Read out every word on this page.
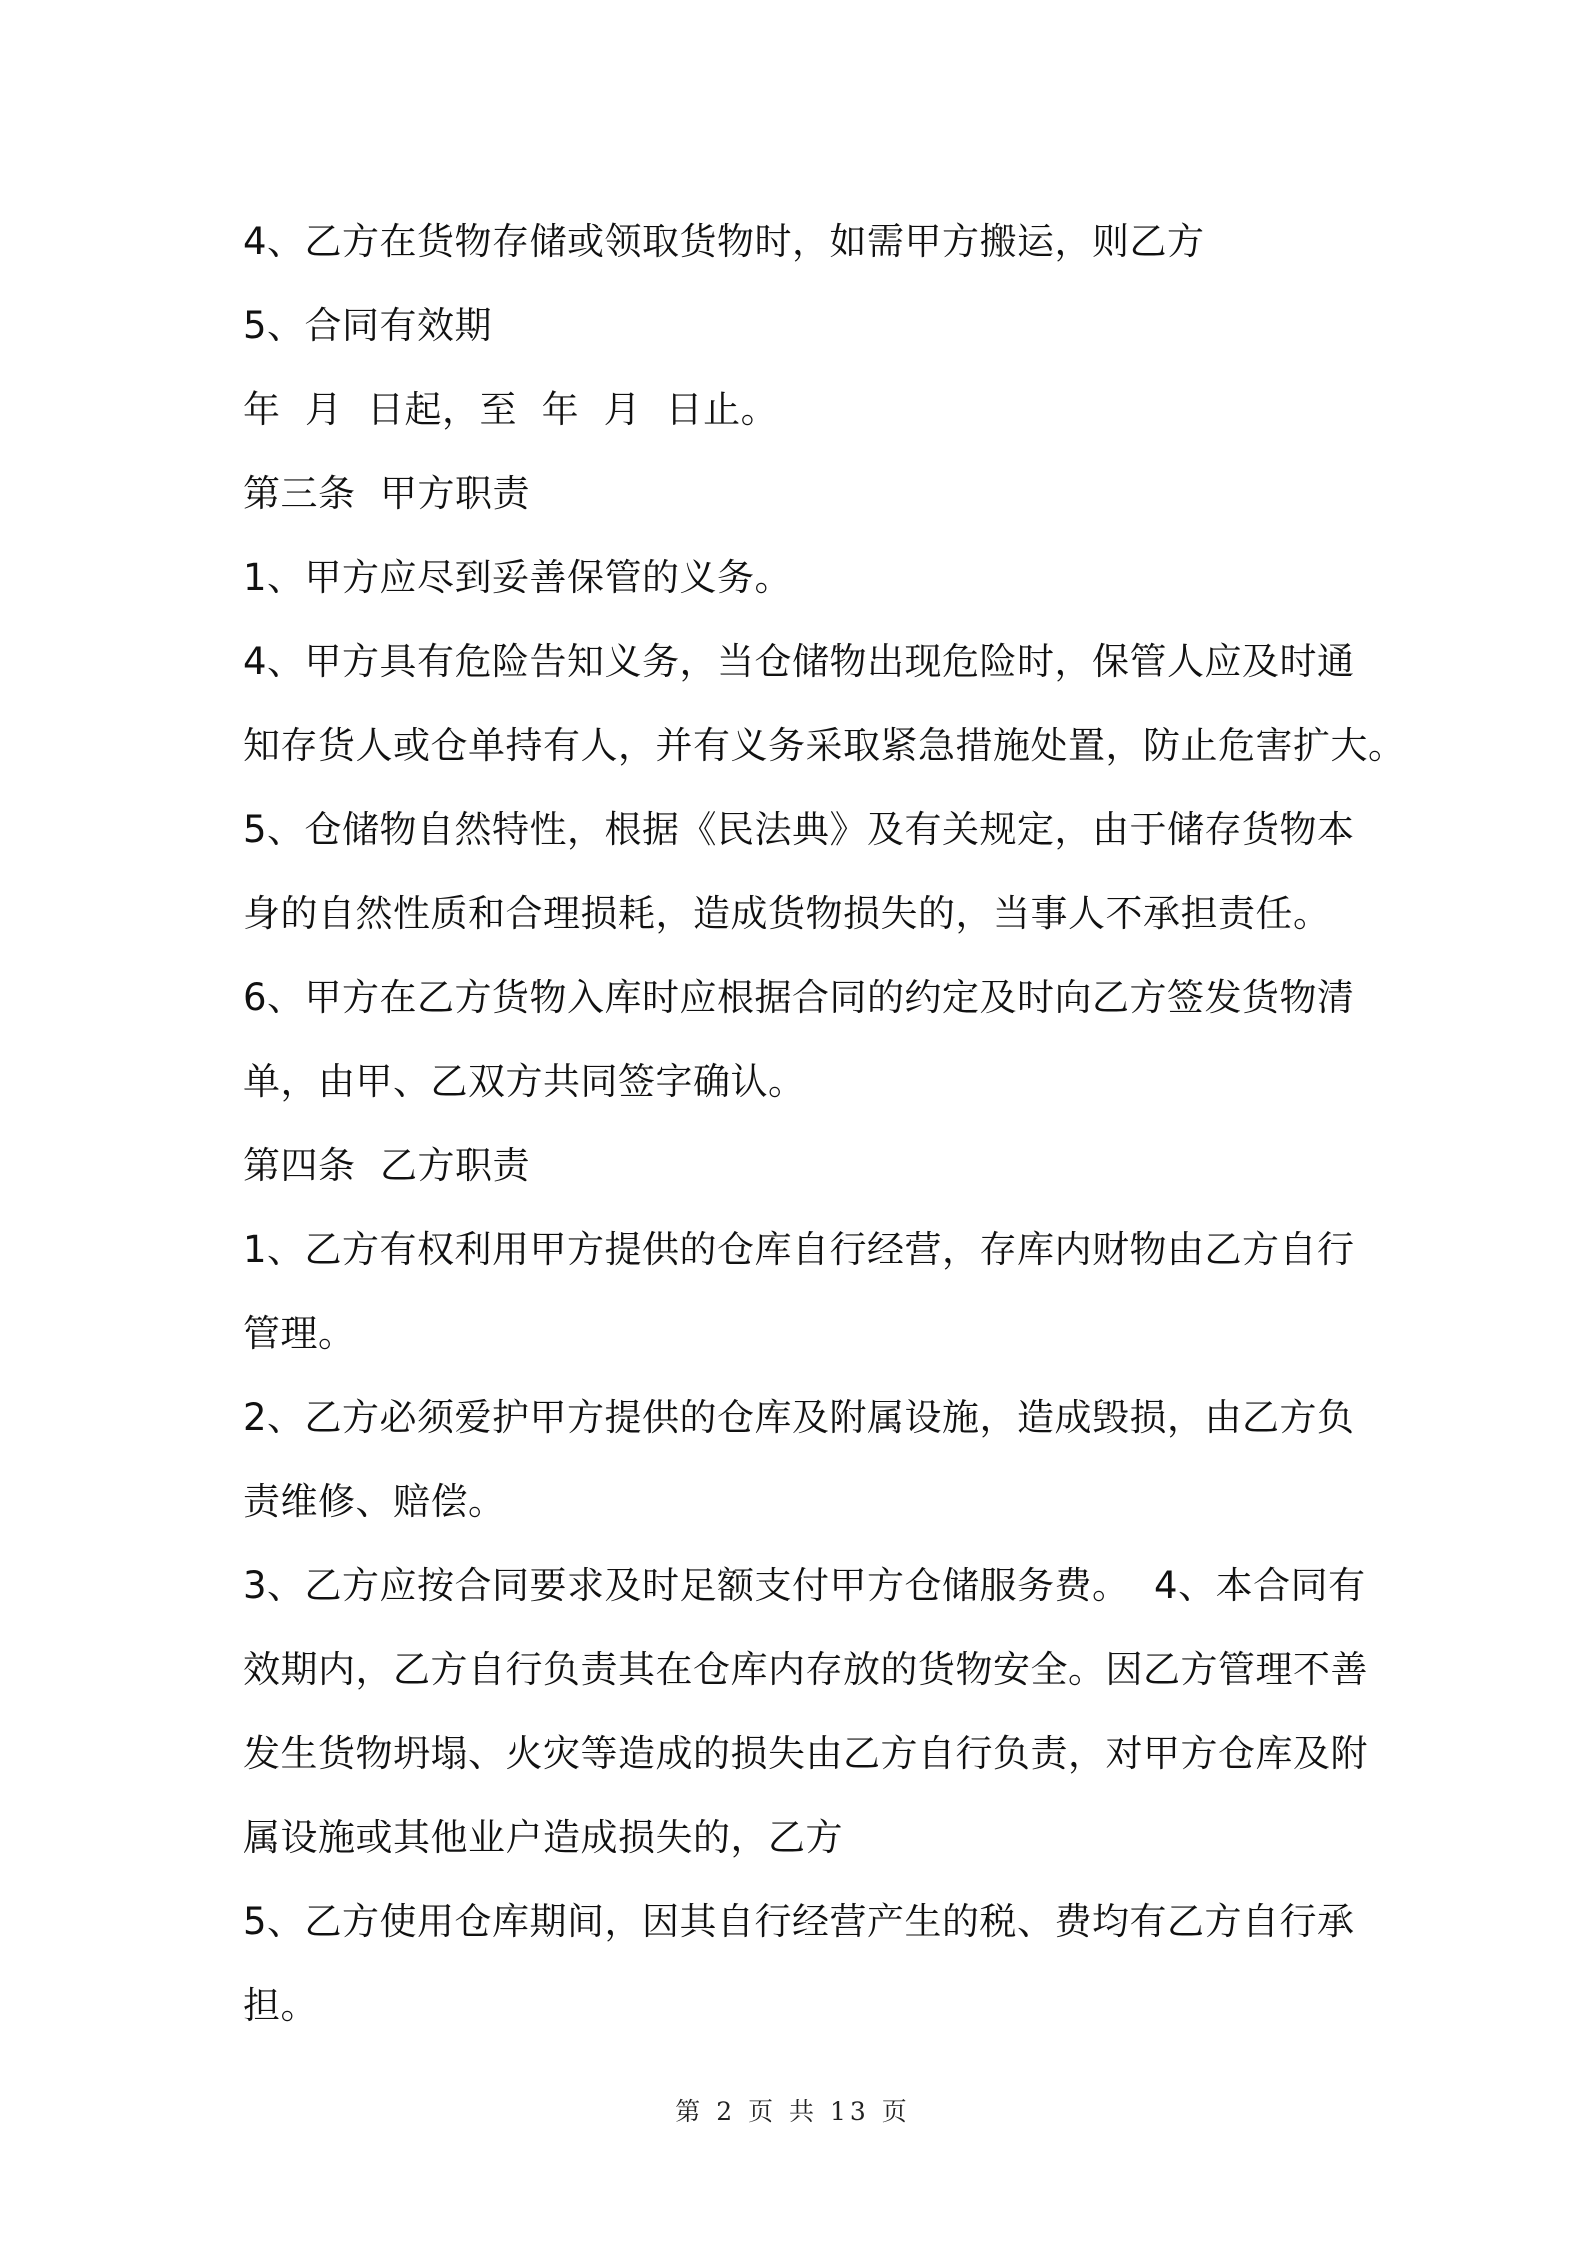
4、乙方在货物存储或领取货物时，如需甲方搬运，则乙方
5、合同有效期
年  月  日起，至  年  月  日止。
第三条  甲方职责
1、甲方应尽到妥善保管的义务。
4、甲方具有危险告知义务，当仓储物出现危险时，保管人应及时通
知存货人或仓单持有人，并有义务采取紧急措施处置，防止危害扩大。
5、仓储物自然特性，根据《民法典》及有关规定，由于储存货物本
身的自然性质和合理损耗，造成货物损失的，当事人不承担责任。
6、甲方在乙方货物入库时应根据合同的约定及时向乙方签发货物清
单，由甲、乙双方共同签字确认。
第四条  乙方职责
1、乙方有权利用甲方提供的仓库自行经营，存库内财物由乙方自行
管理。
2、乙方必须爱护甲方提供的仓库及附属设施，造成毁损，由乙方负
责维修、赔偿。
3、乙方应按合同要求及时足额支付甲方仓储服务费。  4、本合同有
效期内，乙方自行负责其在仓库内存放的货物安全。因乙方管理不善
发生货物坍塌、火灾等造成的损失由乙方自行负责，对甲方仓库及附
属设施或其他业户造成损失的，乙方
5、乙方使用仓库期间，因其自行经营产生的税、费均有乙方自行承
担。
第 2 页 共 13 页
